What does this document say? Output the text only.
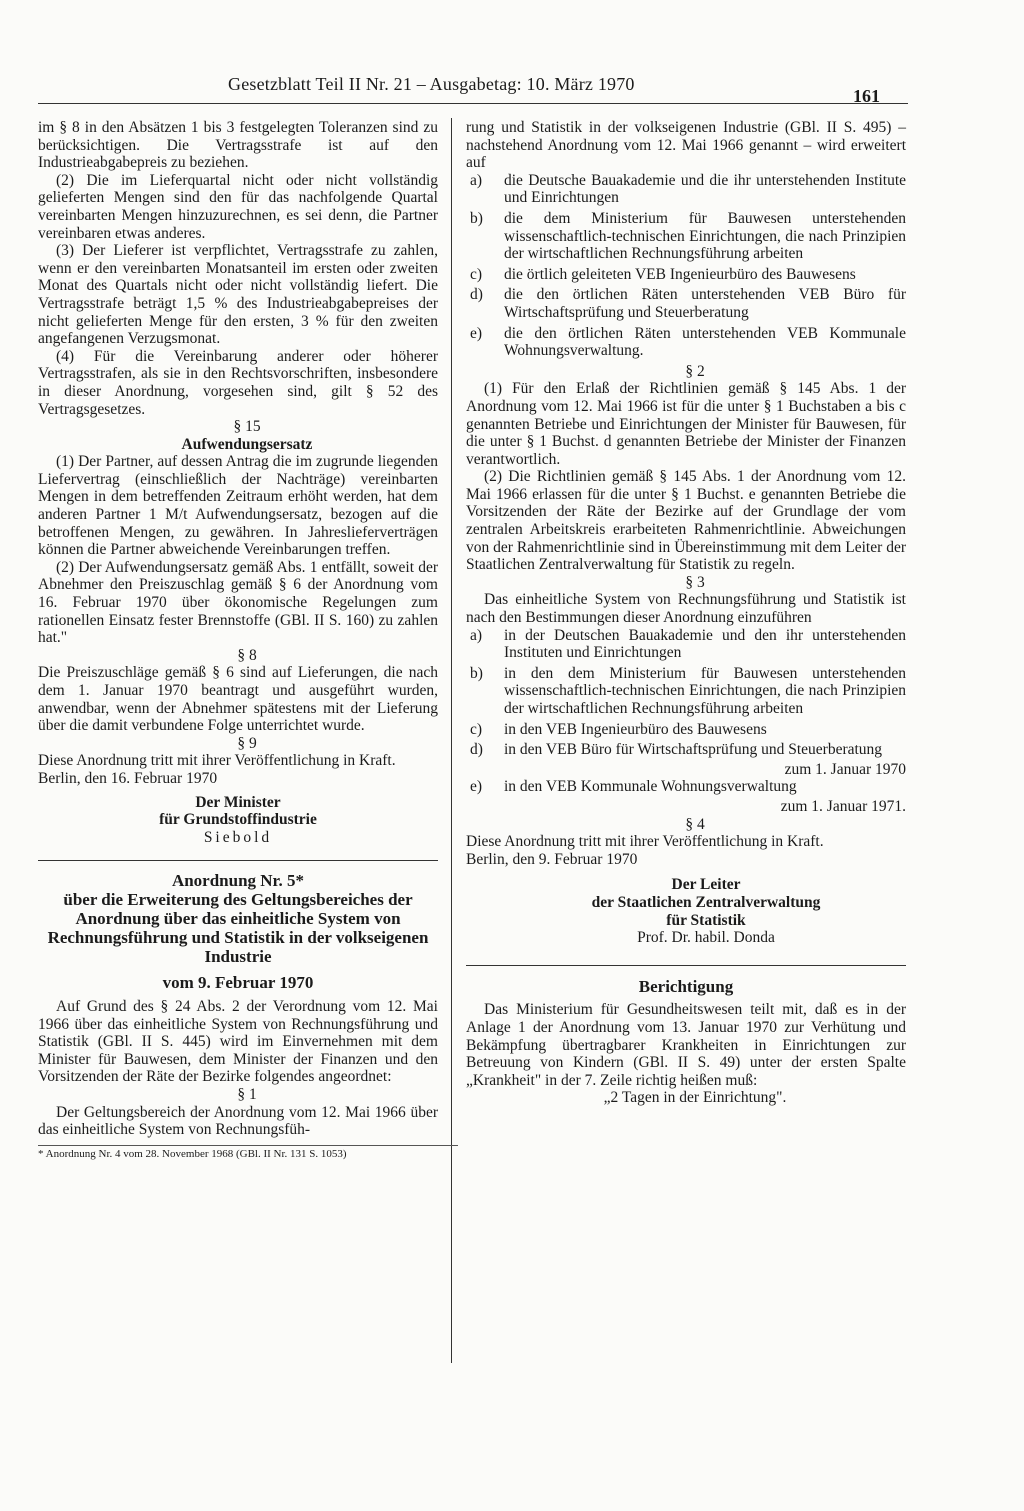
Gesetzblatt Teil II Nr. 21 – Ausgabetag: 10. März 1970
161

im § 8 in den Absätzen 1 bis 3 festgelegten Toleranzen sind zu berücksichtigen. Die Vertragsstrafe ist auf den Industrieabgabepreis zu beziehen.

(2) Die im Lieferquartal nicht oder nicht vollständig gelieferten Mengen sind den für das nachfolgende Quartal vereinbarten Mengen hinzuzurechnen, es sei denn, die Partner vereinbaren etwas anderes.

(3) Der Lieferer ist verpflichtet, Vertragsstrafe zu zahlen, wenn er den vereinbarten Monatsanteil im ersten oder zweiten Monat des Quartals nicht oder nicht vollständig liefert. Die Vertragsstrafe beträgt 1,5 % des Industrieabgabepreises der nicht gelieferten Menge für den ersten, 3 % für den zweiten angefangenen Verzugsmonat.

(4) Für die Vereinbarung anderer oder höherer Vertragsstrafen, als sie in den Rechtsvorschriften, insbesondere in dieser Anordnung, vorgesehen sind, gilt § 52 des Vertragsgesetzes.

§ 15

Aufwendungsersatz

(1) Der Partner, auf dessen Antrag die im zugrunde liegenden Liefervertrag (einschließlich der Nachträge) vereinbarten Mengen in dem betreffenden Zeitraum erhöht werden, hat dem anderen Partner 1 M/t Aufwendungsersatz, bezogen auf die betroffenen Mengen, zu gewähren. In Jahreslieferverträgen können die Partner abweichende Vereinbarungen treffen.

(2) Der Aufwendungsersatz gemäß Abs. 1 entfällt, soweit der Abnehmer den Preiszuschlag gemäß § 6 der Anordnung vom 16. Februar 1970 über ökonomische Regelungen zum rationellen Einsatz fester Brennstoffe (GBl. II S. 160) zu zahlen hat."

§ 8

Die Preiszuschläge gemäß § 6 sind auf Lieferungen, die nach dem 1. Januar 1970 beantragt und ausgeführt wurden, anwendbar, wenn der Abnehmer spätestens mit der Lieferung über die damit verbundene Folge unterrichtet wurde.

§ 9

Diese Anordnung tritt mit ihrer Veröffentlichung in Kraft.

Berlin, den 16. Februar 1970

Der Minister
für Grundstoffindustrie
Siebold
Anordnung Nr. 5*
über die Erweiterung des Geltungsbereiches der Anordnung über das einheitliche System von Rechnungsführung und Statistik in der volkseigenen Industrie
vom 9. Februar 1970

Auf Grund des § 24 Abs. 2 der Verordnung vom 12. Mai 1966 über das einheitliche System von Rechnungsführung und Statistik (GBl. II S. 445) wird im Einvernehmen mit dem Minister für Bauwesen, dem Minister der Finanzen und den Vorsitzenden der Räte der Bezirke folgendes angeordnet:

§ 1

Der Geltungsbereich der Anordnung vom 12. Mai 1966 über das einheitliche System von Rechnungsfüh-

* Anordnung Nr. 4 vom 28. November 1968 (GBl. II Nr. 131 S. 1053)

rung und Statistik in der volkseigenen Industrie (GBl. II S. 495) – nachstehend Anordnung vom 12. Mai 1966 genannt – wird erweitert auf

a)	die Deutsche Bauakademie und die ihr unterstehenden Institute und Einrichtungen
b)	die dem Ministerium für Bauwesen unterstehenden wissenschaftlich-technischen Einrichtungen, die nach Prinzipien der wirtschaftlichen Rechnungsführung arbeiten
c)	die örtlich geleiteten VEB Ingenieurbüro des Bauwesens
d)	die den örtlichen Räten unterstehenden VEB Büro für Wirtschaftsprüfung und Steuerberatung
e)	die den örtlichen Räten unterstehenden VEB Kommunale Wohnungsverwaltung.

§ 2

(1) Für den Erlaß der Richtlinien gemäß § 145 Abs. 1 der Anordnung vom 12. Mai 1966 ist für die unter § 1 Buchstaben a bis c genannten Betriebe und Einrichtungen der Minister für Bauwesen, für die unter § 1 Buchst. d genannten Betriebe der Minister der Finanzen verantwortlich.

(2) Die Richtlinien gemäß § 145 Abs. 1 der Anordnung vom 12. Mai 1966 erlassen für die unter § 1 Buchst. e genannten Betriebe die Vorsitzenden der Räte der Bezirke auf der Grundlage der vom zentralen Arbeitskreis erarbeiteten Rahmenrichtlinie. Abweichungen von der Rahmenrichtlinie sind in Übereinstimmung mit dem Leiter der Staatlichen Zentralverwaltung für Statistik zu regeln.

§ 3

Das einheitliche System von Rechnungsführung und Statistik ist nach den Bestimmungen dieser Anordnung einzuführen

a)	in der Deutschen Bauakademie und den ihr unterstehenden Instituten und Einrichtungen
b)	in den dem Ministerium für Bauwesen unterstehenden wissenschaftlich-technischen Einrichtungen, die nach Prinzipien der wirtschaftlichen Rechnungsführung arbeiten
c)	in den VEB Ingenieurbüro des Bauwesens
d)	in den VEB Büro für Wirtschaftsprüfung und Steuerberatung
zum 1. Januar 1970
e)	in den VEB Kommunale Wohnungsverwaltung
zum 1. Januar 1971.

§ 4

Diese Anordnung tritt mit ihrer Veröffentlichung in Kraft.

Berlin, den 9. Februar 1970

Der Leiter
der Staatlichen Zentralverwaltung
für Statistik
Prof. Dr. habil. Donda
Berichtigung

Das Ministerium für Gesundheitswesen teilt mit, daß es in der Anlage 1 der Anordnung vom 13. Januar 1970 zur Verhütung und Bekämpfung übertragbarer Krankheiten in Einrichtungen zur Betreuung von Kindern (GBl. II S. 49) unter der ersten Spalte „Krankheit" in der 7. Zeile richtig heißen muß:

„2 Tagen in der Einrichtung".
